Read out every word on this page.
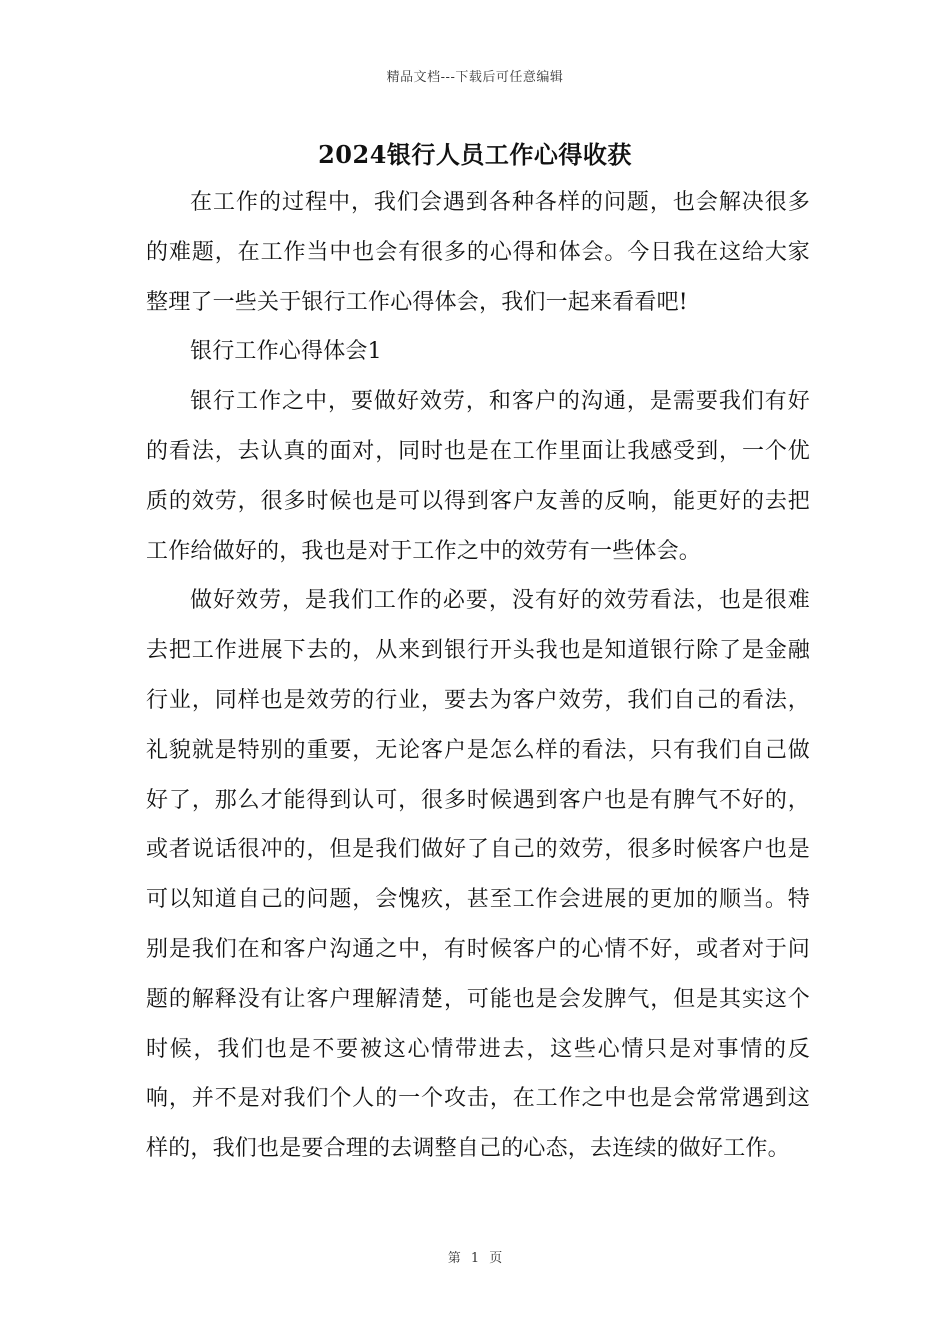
精品文档---下载后可任意编辑
2024银行人员工作心得收获

在工作的过程中，我们会遇到各种各样的问题，也会解决很多的难题，在工作当中也会有很多的心得和体会。今日我在这给大家整理了一些关于银行工作心得体会，我们一起来看看吧!

银行工作心得体会1

银行工作之中，要做好效劳，和客户的沟通，是需要我们有好的看法，去认真的面对，同时也是在工作里面让我感受到，一个优质的效劳，很多时候也是可以得到客户友善的反响，能更好的去把工作给做好的，我也是对于工作之中的效劳有一些体会。

做好效劳，是我们工作的必要，没有好的效劳看法，也是很难去把工作进展下去的，从来到银行开头我也是知道银行除了是金融行业，同样也是效劳的行业，要去为客户效劳，我们自己的看法，礼貌就是特别的重要，无论客户是怎么样的看法，只有我们自己做好了，那么才能得到认可，很多时候遇到客户也是有脾气不好的，或者说话很冲的，但是我们做好了自己的效劳，很多时候客户也是可以知道自己的问题，会愧疚，甚至工作会进展的更加的顺当。特别是我们在和客户沟通之中，有时候客户的心情不好，或者对于问题的解释没有让客户理解清楚，可能也是会发脾气，但是其实这个时候，我们也是不要被这心情带进去，这些心情只是对事情的反响，并不是对我们个人的一个攻击，在工作之中也是会常常遇到这样的，我们也是要合理的去调整自己的心态，去连续的做好工作。

第 1 页
